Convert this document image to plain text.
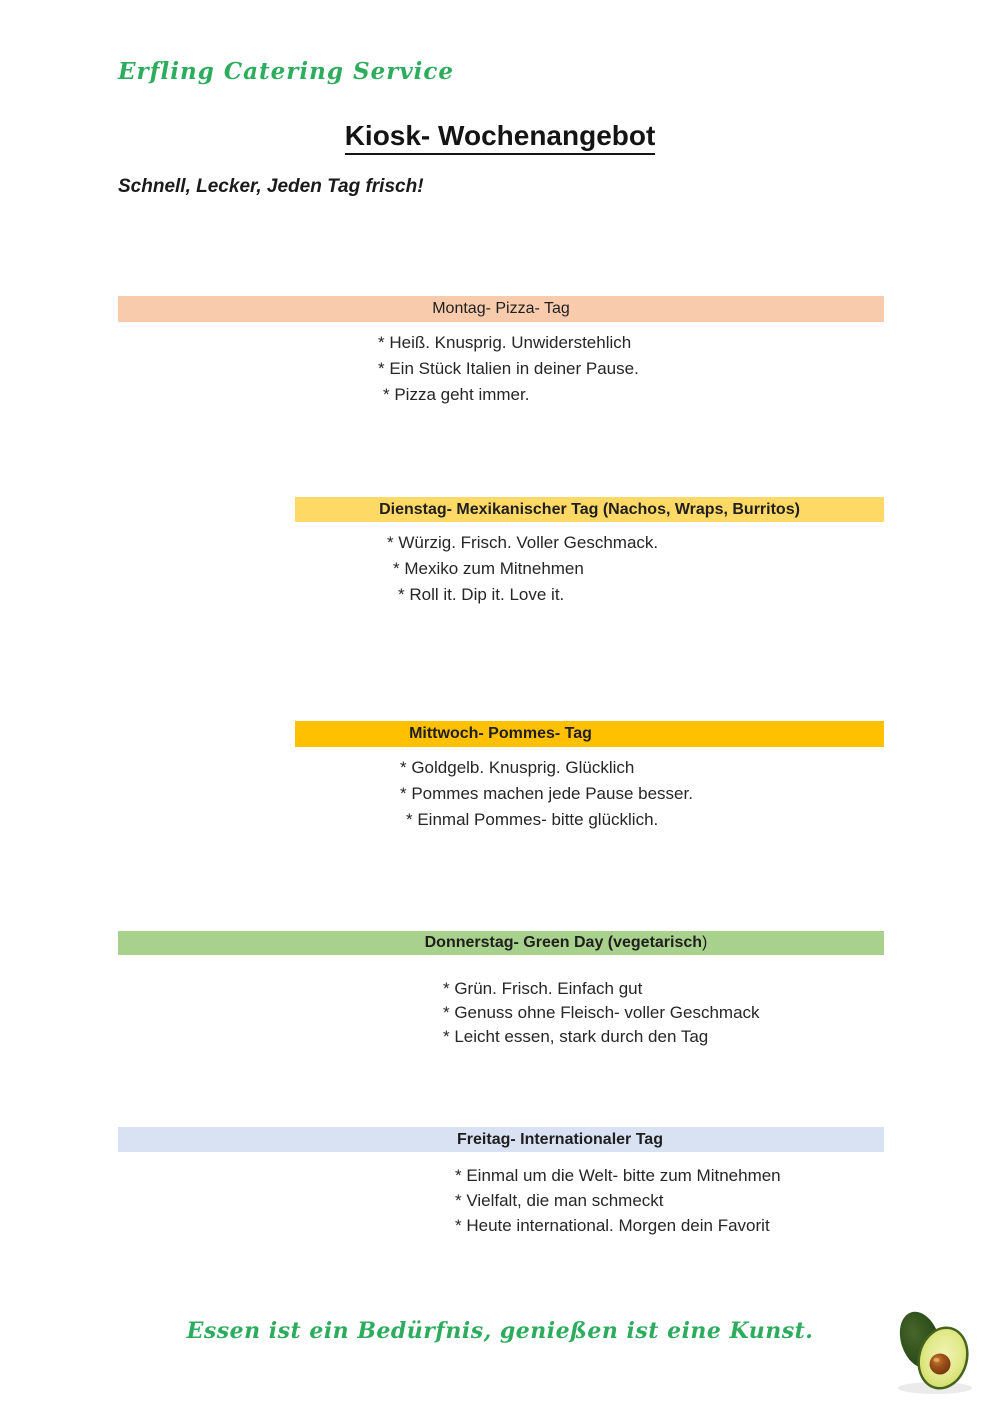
Erfling Catering Service
Kiosk- Wochenangebot
Schnell, Lecker, Jeden Tag frisch!
Montag- Pizza- Tag
* Heiß. Knusprig. Unwiderstehlich
* Ein Stück Italien in deiner Pause.
* Pizza geht immer.
Dienstag- Mexikanischer Tag (Nachos, Wraps, Burritos)
* Würzig. Frisch. Voller Geschmack.
* Mexiko zum Mitnehmen
* Roll it. Dip it. Love it.
Mittwoch- Pommes- Tag
* Goldgelb. Knusprig. Glücklich
* Pommes machen jede Pause besser.
* Einmal Pommes- bitte glücklich.
Donnerstag- Green Day (vegetarisch)
* Grün. Frisch. Einfach gut
* Genuss ohne Fleisch- voller Geschmack
* Leicht essen, stark durch den Tag
Freitag- Internationaler Tag
* Einmal um die Welt- bitte zum Mitnehmen
* Vielfalt, die man schmeckt
* Heute international. Morgen dein Favorit
Essen ist ein Bedürfnis, genießen ist eine Kunst.
